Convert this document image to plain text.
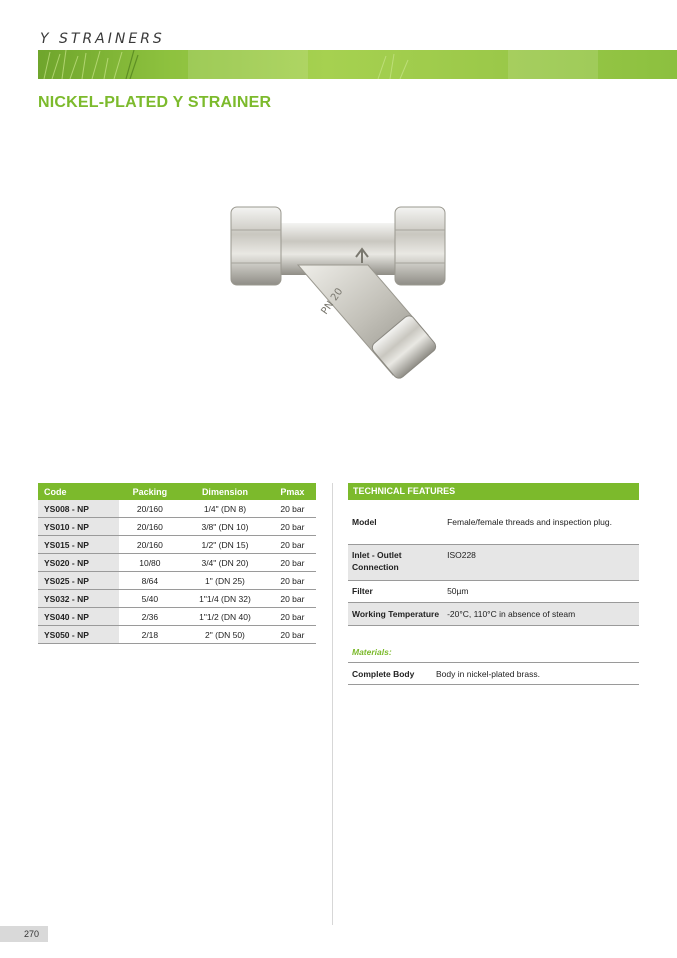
Y STRAINERS
NICKEL-PLATED Y STRAINER
PN 20
Code	Packing	Dimension	Pmax
YS008 - NP	20/160	1/4" (DN 8)	20 bar
YS010 - NP	20/160	3/8" (DN 10)	20 bar
YS015 - NP	20/160	1/2" (DN 15)	20 bar
YS020 - NP	10/80	3/4" (DN 20)	20 bar
YS025 - NP	8/64	1" (DN 25)	20 bar
YS032 - NP	5/40	1"1/4 (DN 32)	20 bar
YS040 - NP	2/36	1"1/2 (DN 40)	20 bar
YS050 - NP	2/18	2" (DN 50)	20 bar
TECHNICAL FEATURES
Model	Female/female threads and inspection plug.
Inlet - Outlet Connection	ISO228
Filter	50µm
Working Temperature	-20°C, 110°C in absence of steam
Materials:
Complete Body	Body in nickel-plated brass.
270
